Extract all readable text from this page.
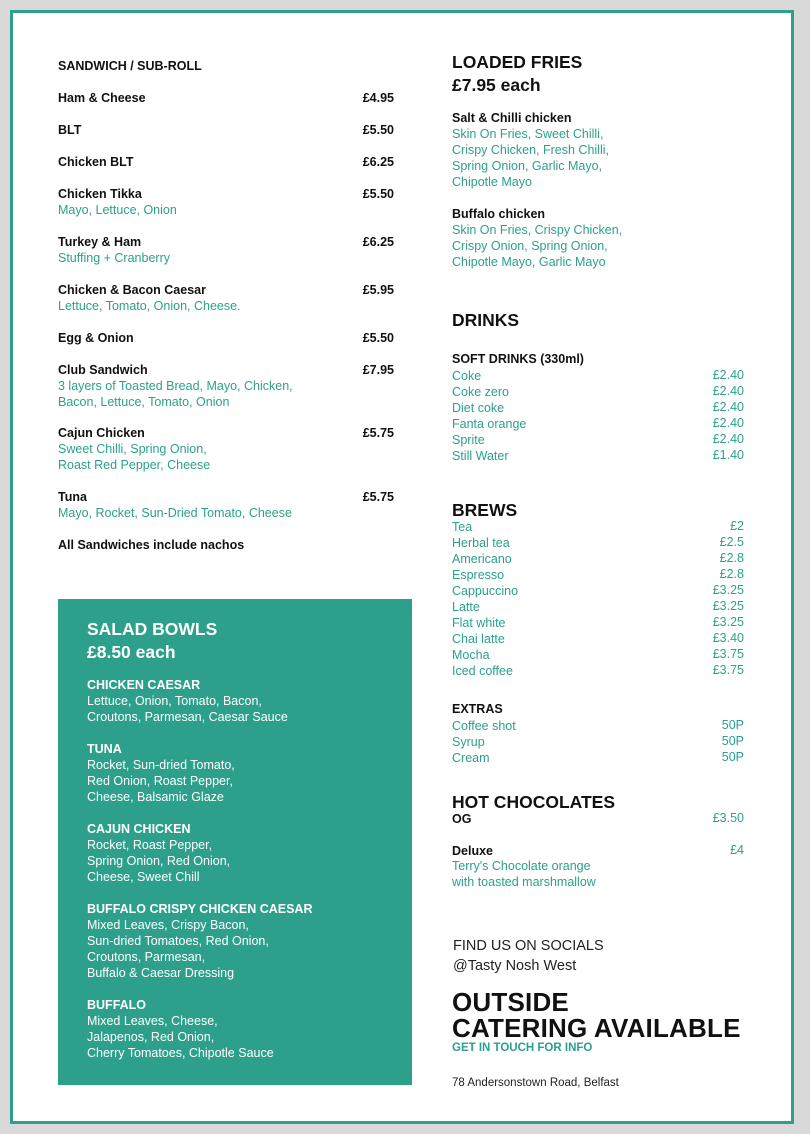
SANDWICH / SUB-ROLL
Ham & Cheese	£4.95
BLT	£5.50
Chicken BLT	£6.25
Chicken Tikka	£5.50
Mayo, Lettuce, Onion
Turkey & Ham	£6.25
Stuffing + Cranberry
Chicken & Bacon Caesar	£5.95
Lettuce, Tomato, Onion, Cheese.
Egg & Onion	£5.50
Club Sandwich	£7.95
3 layers of Toasted Bread, Mayo, Chicken,
Bacon, Lettuce, Tomato, Onion
Cajun Chicken	£5.75
Sweet Chilli, Spring Onion,
Roast Red Pepper, Cheese
Tuna	£5.75
Mayo, Rocket, Sun-Dried Tomato, Cheese
All Sandwiches include nachos
SALAD BOWLS
£8.50 each
CHICKEN CAESAR
Lettuce, Onion, Tomato, Bacon,
Croutons, Parmesan, Caesar Sauce
TUNA
Rocket, Sun-dried Tomato,
Red Onion, Roast Pepper,
Cheese, Balsamic Glaze
CAJUN CHICKEN
Rocket, Roast Pepper,
Spring Onion, Red Onion,
Cheese, Sweet Chill
BUFFALO CRISPY CHICKEN CAESAR
Mixed Leaves, Crispy Bacon,
Sun-dried Tomatoes, Red Onion,
Croutons, Parmesan,
Buffalo & Caesar Dressing
BUFFALO
Mixed Leaves, Cheese,
Jalapenos, Red Onion,
Cherry Tomatoes, Chipotle Sauce
LOADED FRIES
£7.95 each
Salt & Chilli chicken
Skin On Fries, Sweet Chilli,
Crispy Chicken, Fresh Chilli,
Spring Onion, Garlic Mayo,
Chipotle Mayo
Buffalo chicken
Skin On Fries, Crispy Chicken,
Crispy Onion, Spring Onion,
Chipotle Mayo, Garlic Mayo
DRINKS
SOFT DRINKS (330ml)
Coke	£2.40
Coke zero	£2.40
Diet coke	£2.40
Fanta orange	£2.40
Sprite	£2.40
Still Water	£1.40
BREWS
Tea	£2
Herbal tea	£2.5
Americano	£2.8
Espresso	£2.8
Cappuccino	£3.25
Latte	£3.25
Flat white	£3.25
Chai latte	£3.40
Mocha	£3.75
Iced coffee	£3.75
EXTRAS
Coffee shot	50P
Syrup	50P
Cream	50P
HOT CHOCOLATES
OG	£3.50
Deluxe	£4
Terry's Chocolate orange
with toasted marshmallow
FIND US ON SOCIALS
@Tasty Nosh West
OUTSIDE
CATERING AVAILABLE
GET IN TOUCH FOR INFO
78 Andersonstown Road, Belfast
